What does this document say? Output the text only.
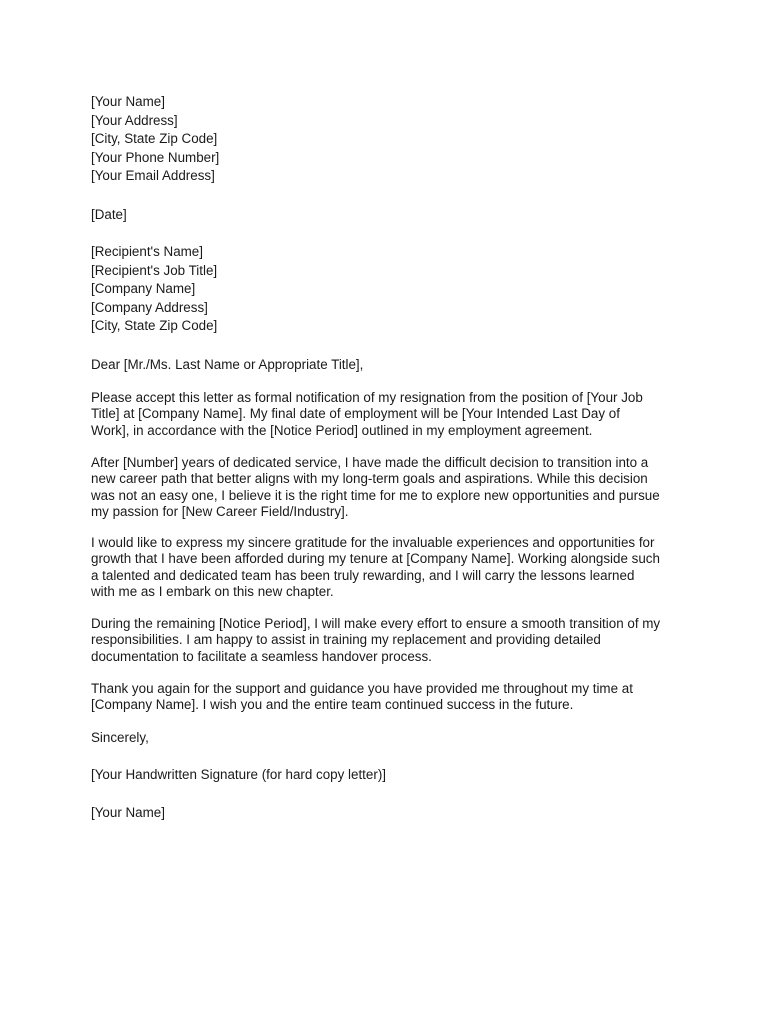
[Your Name]
[Your Address]
[City, State Zip Code]
[Your Phone Number]
[Your Email Address]
[Date]
[Recipient's Name]
[Recipient's Job Title]
[Company Name]
[Company Address]
[City, State Zip Code]
Dear [Mr./Ms. Last Name or Appropriate Title],
Please accept this letter as formal notification of my resignation from the position of [Your Job
Title] at [Company Name]. My final date of employment will be [Your Intended Last Day of
Work], in accordance with the [Notice Period] outlined in my employment agreement.
After [Number] years of dedicated service, I have made the difficult decision to transition into a
new career path that better aligns with my long-term goals and aspirations. While this decision
was not an easy one, I believe it is the right time for me to explore new opportunities and pursue
my passion for [New Career Field/Industry].
I would like to express my sincere gratitude for the invaluable experiences and opportunities for
growth that I have been afforded during my tenure at [Company Name]. Working alongside such
a talented and dedicated team has been truly rewarding, and I will carry the lessons learned
with me as I embark on this new chapter.
During the remaining [Notice Period], I will make every effort to ensure a smooth transition of my
responsibilities. I am happy to assist in training my replacement and providing detailed
documentation to facilitate a seamless handover process.
Thank you again for the support and guidance you have provided me throughout my time at
[Company Name]. I wish you and the entire team continued success in the future.
Sincerely,
[Your Handwritten Signature (for hard copy letter)]
[Your Name]
